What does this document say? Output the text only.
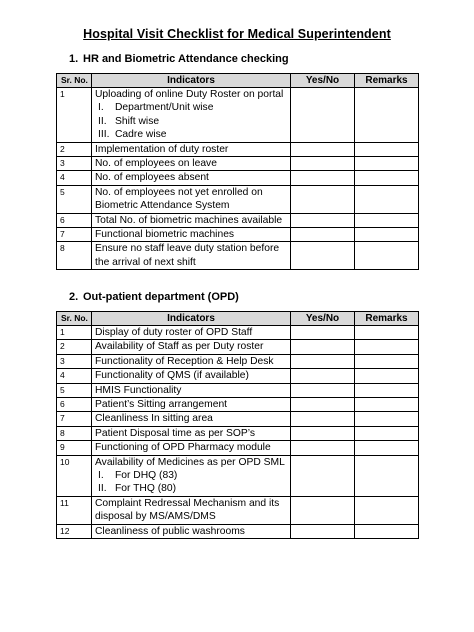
Hospital Visit Checklist for Medical Superintendent
1. HR and Biometric Attendance checking
Sr. No.	Indicators	Yes/No	Remarks
1	Uploading of online Duty Roster on portal
I. Department/Unit wise
II. Shift wise
III. Cadre wise		

2	Implementation of duty roster		

3	No. of employees on leave		

4	No. of employees absent		

5	No. of employees not yet enrolled on
Biometric Attendance System		

6	Total No. of biometric machines available		

7	Functional biometric machines		

8	Ensure no staff leave duty station before
the arrival of next shift		

2. Out-patient department (OPD)
Sr. No.	Indicators	Yes/No	Remarks
1	Display of duty roster of OPD Staff		

2	Availability of Staff as per Duty roster		

3	Functionality of Reception & Help Desk		

4	Functionality of QMS (if available)		

5	HMIS Functionality		

6	Patient’s Sitting arrangement		

7	Cleanliness In sitting area		

8	Patient Disposal time as per SOP’s		

9	Functioning of OPD Pharmacy module		

10	Availability of Medicines as per OPD SML
I. For DHQ (83)
II. For THQ (80)		

11	Complaint Redressal Mechanism and its
disposal by MS/AMS/DMS		

12	Cleanliness of public washrooms		
